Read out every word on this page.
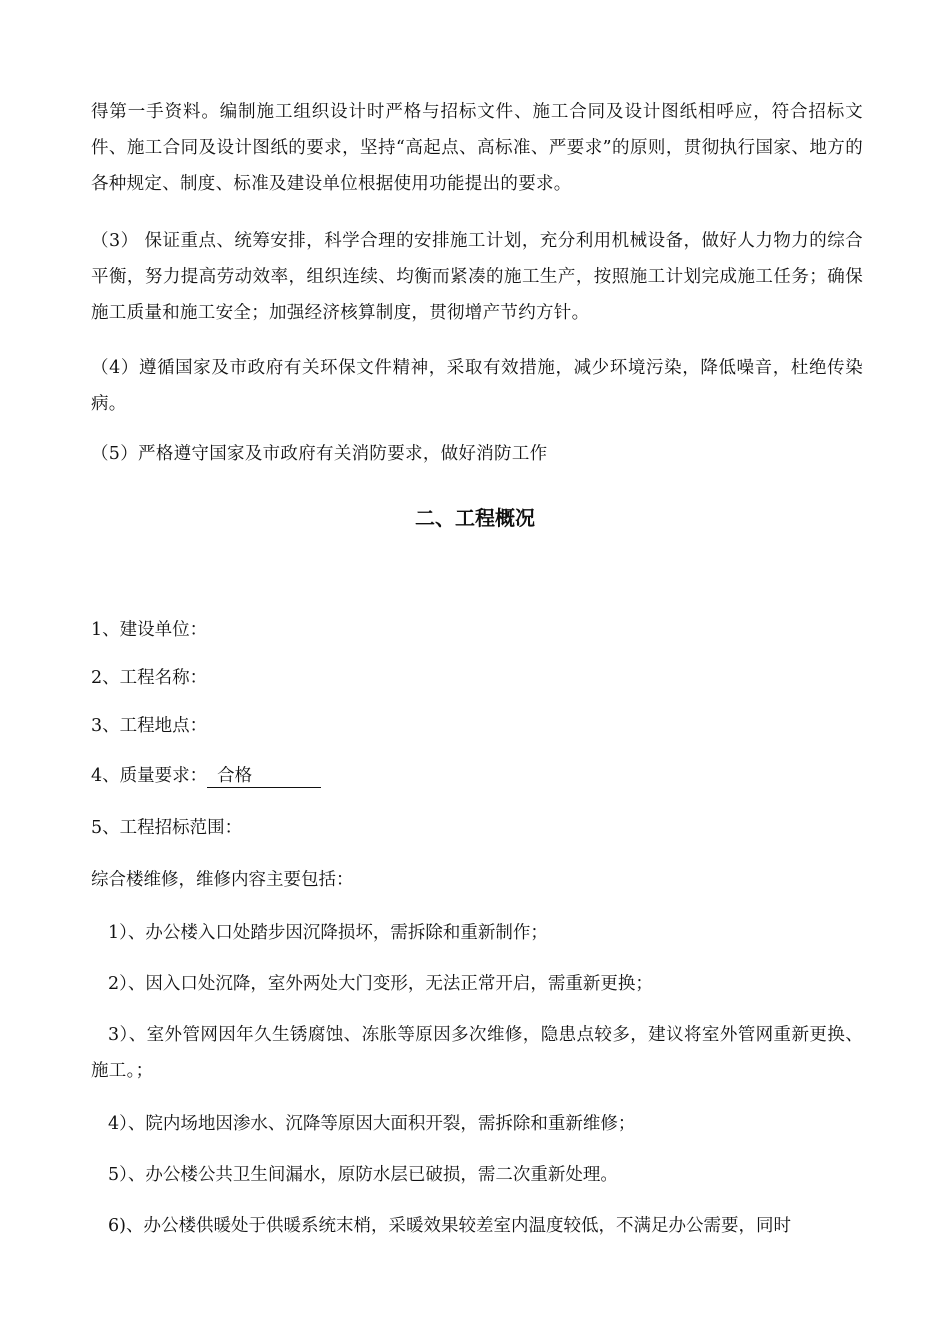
得第一手资料。编制施工组织设计时严格与招标文件、施工合同及设计图纸相呼应，符合招标文件、施工合同及设计图纸的要求，坚持“高起点、高标准、严要求”的原则，贯彻执行国家、地方的各种规定、制度、标准及建设单位根据使用功能提出的要求。

（3） 保证重点、统筹安排，科学合理的安排施工计划，充分利用机械设备，做好人力物力的综合平衡，努力提高劳动效率，组织连续、均衡而紧凑的施工生产，按照施工计划完成施工任务；确保施工质量和施工安全；加强经济核算制度，贯彻增产节约方针。

（4）遵循国家及市政府有关环保文件精神，采取有效措施，减少环境污染，降低噪音，杜绝传染病。

（5）严格遵守国家及市政府有关消防要求，做好消防工作

二、工程概况

1、建设单位：

2、工程名称：

3、工程地点：

4、质量要求： 合格

5、工程招标范围：

综合楼维修，维修内容主要包括：

1）、办公楼入口处踏步因沉降损坏，需拆除和重新制作；

2）、因入口处沉降，室外两处大门变形，无法正常开启，需重新更换；

3）、室外管网因年久生锈腐蚀、冻胀等原因多次维修，隐患点较多，建议将室外管网重新更换、施工。；

4）、院内场地因渗水、沉降等原因大面积开裂，需拆除和重新维修；

5）、办公楼公共卫生间漏水，原防水层已破损，需二次重新处理。

6)、办公楼供暖处于供暖系统末梢，采暖效果较差室内温度较低，不满足办公需要，同时
